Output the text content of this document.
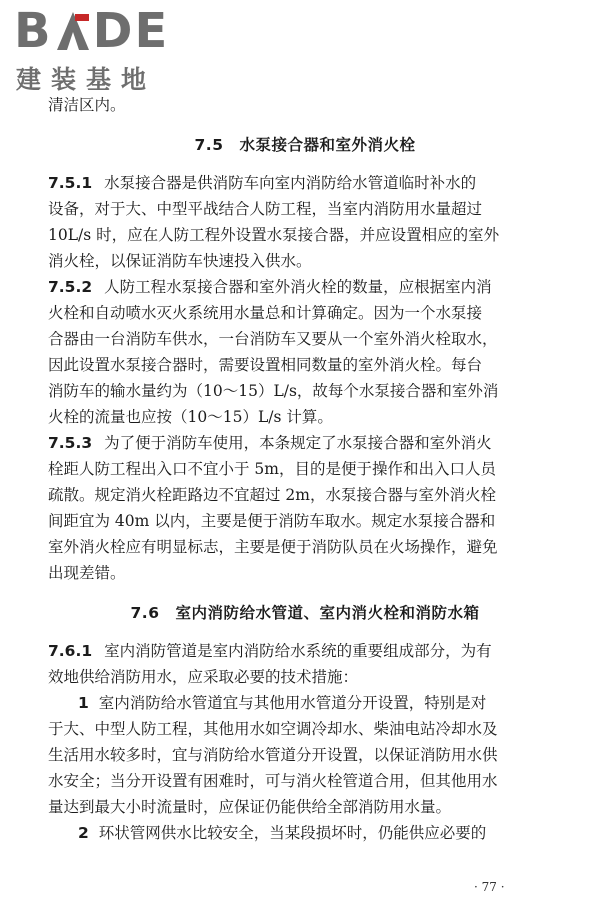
B DE
建装基地
清洁区内。
7.5　水泵接合器和室外消火栓
7.5.1 水泵接合器是供消防车向室内消防给水管道临时补水的
设备，对于大、中型平战结合人防工程，当室内消防用水量超过
10L/s 时，应在人防工程外设置水泵接合器，并应设置相应的室外
消火栓，以保证消防车快速投入供水。
7.5.2 人防工程水泵接合器和室外消火栓的数量，应根据室内消
火栓和自动喷水灭火系统用水量总和计算确定。因为一个水泵接
合器由一台消防车供水，一台消防车又要从一个室外消火栓取水，
因此设置水泵接合器时，需要设置相同数量的室外消火栓。每台
消防车的输水量约为（10～15）L/s，故每个水泵接合器和室外消
火栓的流量也应按（10～15）L/s 计算。
7.5.3 为了便于消防车使用，本条规定了水泵接合器和室外消火
栓距人防工程出入口不宜小于 5m，目的是便于操作和出入口人员
疏散。规定消火栓距路边不宜超过 2m，水泵接合器与室外消火栓
间距宜为 40m 以内，主要是便于消防车取水。规定水泵接合器和
室外消火栓应有明显标志，主要是便于消防队员在火场操作，避免
出现差错。
7.6　室内消防给水管道、室内消火栓和消防水箱
7.6.1 室内消防管道是室内消防给水系统的重要组成部分，为有
效地供给消防用水，应采取必要的技术措施：
1 室内消防给水管道宜与其他用水管道分开设置，特别是对
于大、中型人防工程，其他用水如空调冷却水、柴油电站冷却水及
生活用水较多时，宜与消防给水管道分开设置，以保证消防用水供
水安全；当分开设置有困难时，可与消火栓管道合用，但其他用水
量达到最大小时流量时，应保证仍能供给全部消防用水量。
2 环状管网供水比较安全，当某段损坏时，仍能供应必要的
· 77 ·
